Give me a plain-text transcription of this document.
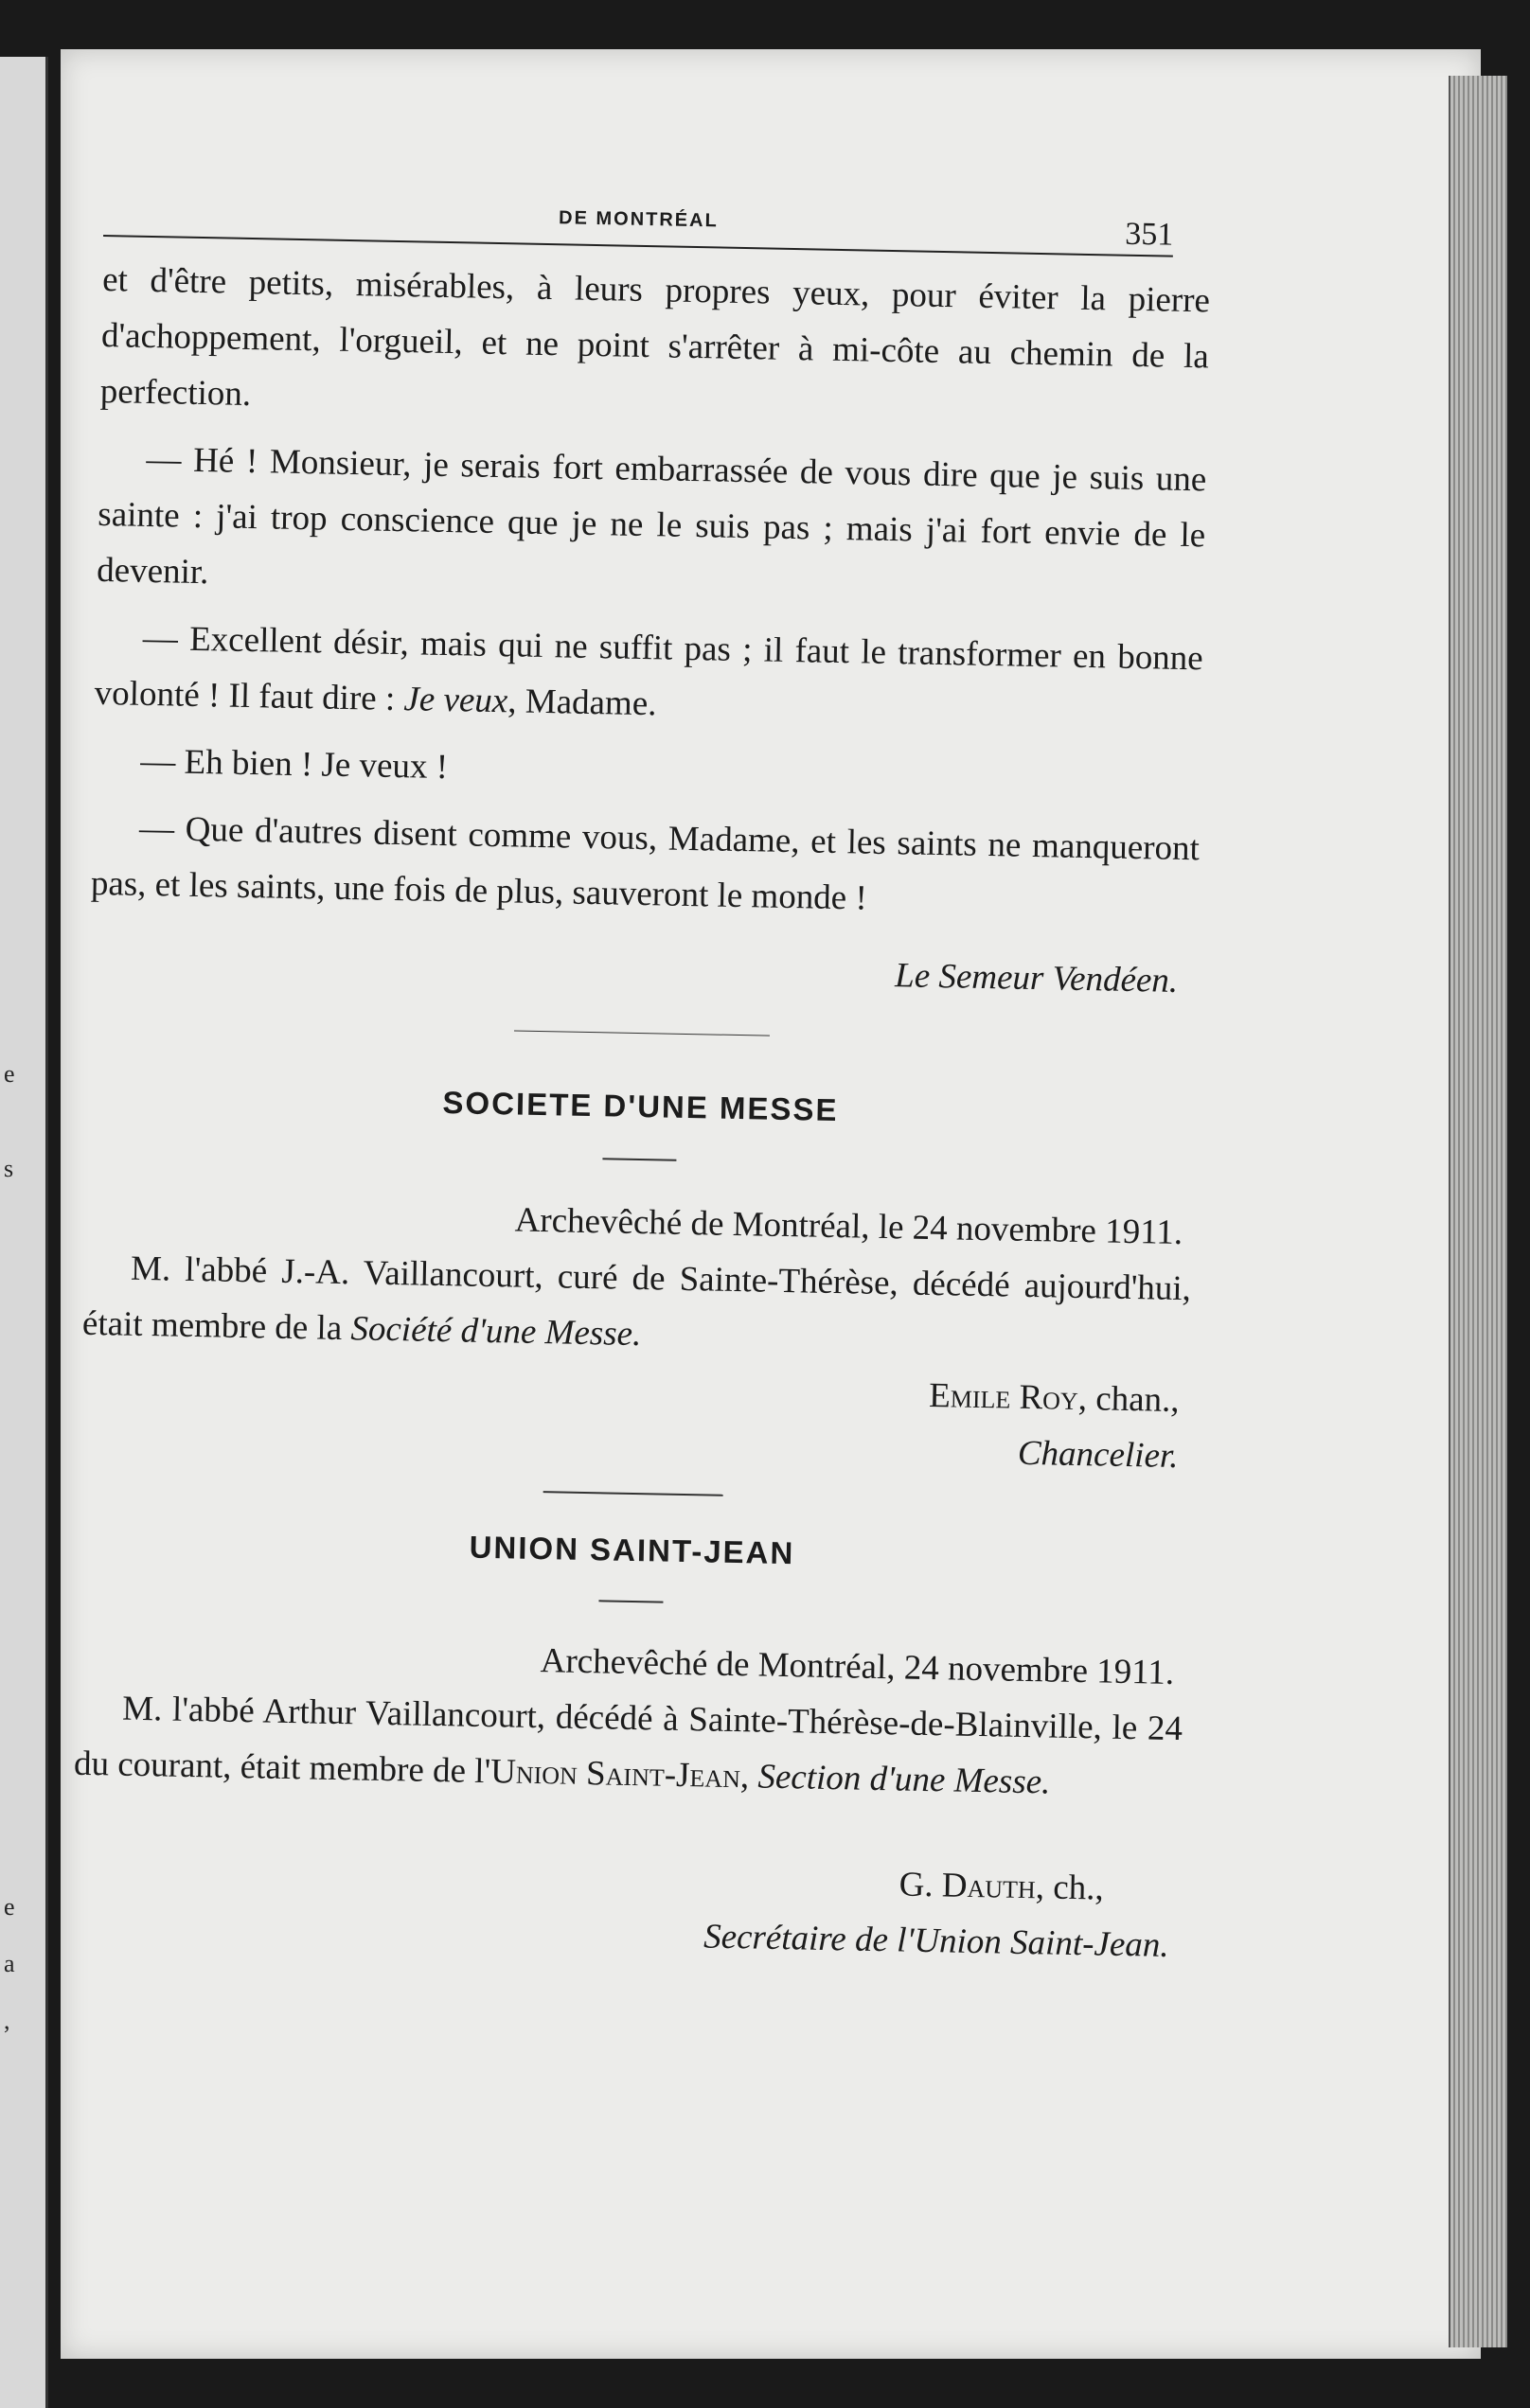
e
s
e
a
,
DE MONTRÉAL	351

et d'être petits, misérables, à leurs propres yeux, pour éviter la pierre d'achoppement, l'orgueil, et ne point s'arrêter à mi-côte au chemin de la perfection.

— Hé ! Monsieur, je serais fort embarrassée de vous dire que je suis une sainte : j'ai trop conscience que je ne le suis pas ; mais j'ai fort envie de le devenir.

— Excellent désir, mais qui ne suffit pas ; il faut le transformer en bonne volonté ! Il faut dire : Je veux, Madame.

— Eh bien ! Je veux !

— Que d'autres disent comme vous, Madame, et les saints ne manqueront pas, et les saints, une fois de plus, sauveront le monde !

Le Semeur Vendéen.

SOCIETE D'UNE MESSE

Archevêché de Montréal, le 24 novembre 1911.

M. l'abbé J.-A. Vaillancourt, curé de Sainte-Thérèse, décédé aujourd'hui, était membre de la Société d'une Messe.

Emile Roy, chan.,

Chancelier.

UNION SAINT-JEAN

Archevêché de Montréal, 24 novembre 1911.

M. l'abbé Arthur Vaillancourt, décédé à Sainte-Thérèse-de-Blainville, le 24 du courant, était membre de l'Union Saint-Jean, Section d'une Messe.

G. Dauth, ch.,

Secrétaire de l'Union Saint-Jean.
